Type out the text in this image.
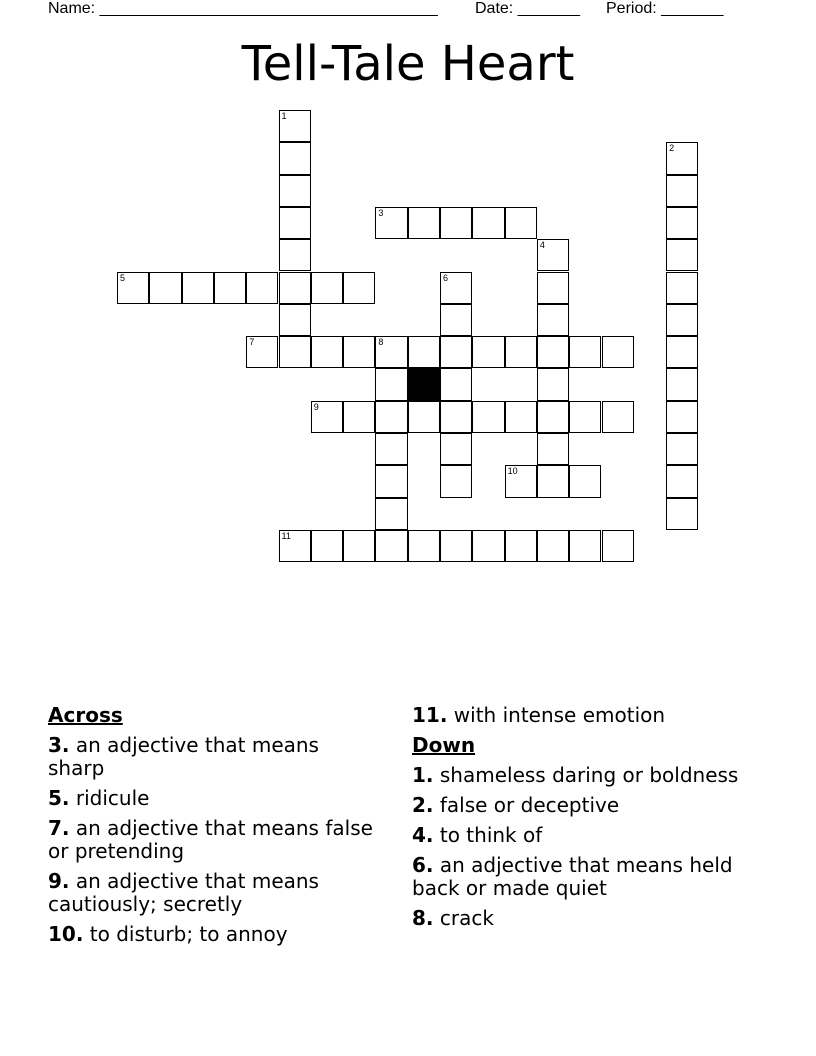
Name: ______________________________________ Date: _______ Period: _______
Tell-Tale Heart
1
2
3
4
5	6
7	8
9
10
11
Across
3. an adjective that means sharp
5. ridicule
7. an adjective that means false or pretending
9. an adjective that means cautiously; secretly
10. to disturb; to annoy
11. with intense emotion
Down
1. shameless daring or boldness
2. false or deceptive
4. to think of
6. an adjective that means held back or made quiet
8. crack
